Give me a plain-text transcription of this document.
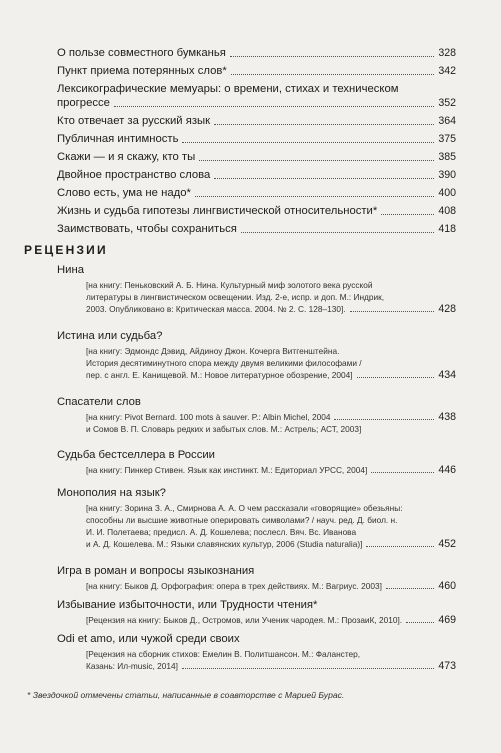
О пользе совместного бумканья	328
Пункт приема потерянных слов*	342
Лексикографические мемуары: о времени, стихах и техническом
прогрессе	352
Кто отвечает за русский язык	364
Публичная интимность	375
Скажи — и я скажу, кто ты	385
Двойное пространство слова	390
Слово есть, ума не надо*	400
Жизнь и судьба гипотезы лингвистической относительности*	408
Заимствовать, чтобы сохраниться	418
РЕЦЕНЗИИ
Нина
[на книгу: Пеньковский А. Б. Нина. Культурный миф золотого века русской
литературы в лингвистическом освещении. Изд. 2-е, испр. и доп. М.: Индрик,
2003. Опубликовано в: Критическая масса. 2004. № 2. С. 128–130].	428
Истина или судьба?
[на книгу: Эдмондс Дэвид, Айдиноу Джон. Кочерга Витгенштейна.
История десятиминутного спора между двумя великими философами /
пер. с англ. Е. Канищевой. М.: Новое литературное обозрение, 2004]	434
Спасатели слов
[на книгу: Pivot Bernard. 100 mots à sauver. P.: Albin Michel, 2004	438
и Сомов В. П. Словарь редких и забытых слов. М.: Астрель; АСТ, 2003]
Судьба бестселлера в России
[на книгу: Пинкер Стивен. Язык как инстинкт. М.: Едиториал УРСС, 2004]	446
Монополия на язык?
[на книгу: Зорина З. А., Смирнова А. А. О чем рассказали «говорящие» обезьяны:
способны ли высшие животные оперировать символами? / науч. ред. Д. биол. н.
И. И. Полетаева; предисл. А. Д. Кошелева; послесл. Вяч. Вс. Иванова
и А. Д. Кошелева. М.: Языки славянских культур, 2006 (Studia naturalia)]	452
Игра в роман и вопросы языкознания
[на книгу: Быков Д. Орфография: опера в трех действиях. М.: Вагриус. 2003]	460
Избывание избыточности, или Трудности чтения*
[Рецензия на книгу: Быков Д., Остромов, или Ученик чародея. М.: ПрозаиК, 2010].	469
Odi et amo, или чужой среди своих
[Рецензия на сборник стихов: Емелин В. Политшансон. М.: Фаланстер,
Казань: Ил-music, 2014]	473
* Звездочкой отмечены статьи, написанные в соавторстве с Марией Бурас.
